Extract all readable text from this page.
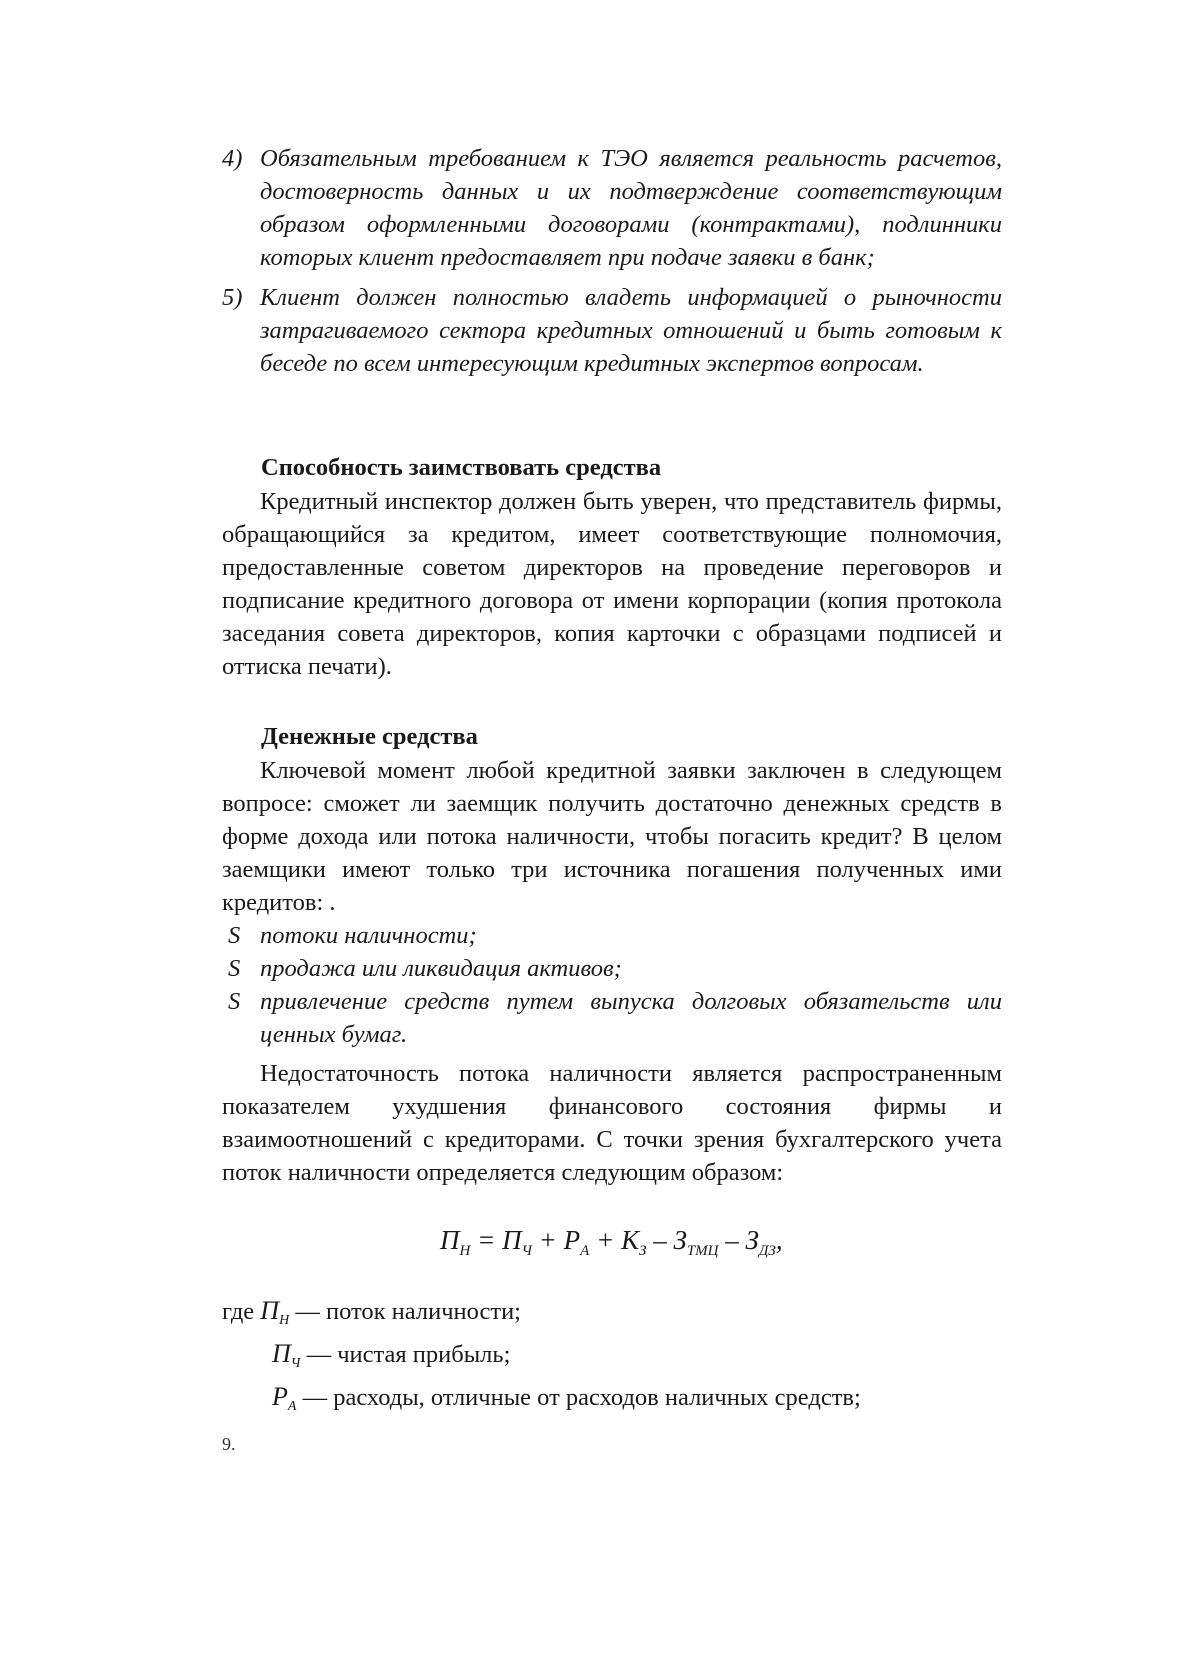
4) Обязательным требованием к ТЭО является реальность расчетов, достоверность данных и их подтверждение соответствующим образом оформленными договорами (контрактами), подлинники которых клиент предоставляет при подаче заявки в банк;
5) Клиент должен полностью владеть информацией о рыночности затрагиваемого сектора кредитных отношений и быть готовым к беседе по всем интересующим кредитных экспертов вопросам.
Способность заимствовать средства
Кредитный инспектор должен быть уверен, что представитель фирмы, обращающийся за кредитом, имеет соответствующие полномочия, предоставленные советом директоров на проведение переговоров и подписание кредитного договора от имени корпорации (копия протокола заседания совета директоров, копия карточки с образцами подписей и оттиска печати).
Денежные средства
Ключевой момент любой кредитной заявки заключен в следующем вопросе: сможет ли заемщик получить достаточно денежных средств в форме дохода или потока наличности, чтобы погасить кредит? В целом заемщики имеют только три источника погашения полученных ими кредитов: .
S потоки наличности;
S продажа или ликвидация активов;
S привлечение средств путем выпуска долговых обязательств или ценных бумаг.
Недостаточность потока наличности является распространенным показателем ухудшения финансового состояния фирмы и взаимоотношений с кредиторами. С точки зрения бухгалтерского учета поток наличности определяется следующим образом:
$П_Н = П_Ч + Р_А + К_З - З_{ТМЦ} - З_{ДЗ}$,
где $П_Н$ — поток наличности;
$П_Ч$ — чистая прибыль;
$Р_А$ — расходы, отличные от расходов наличных средств;
9.
